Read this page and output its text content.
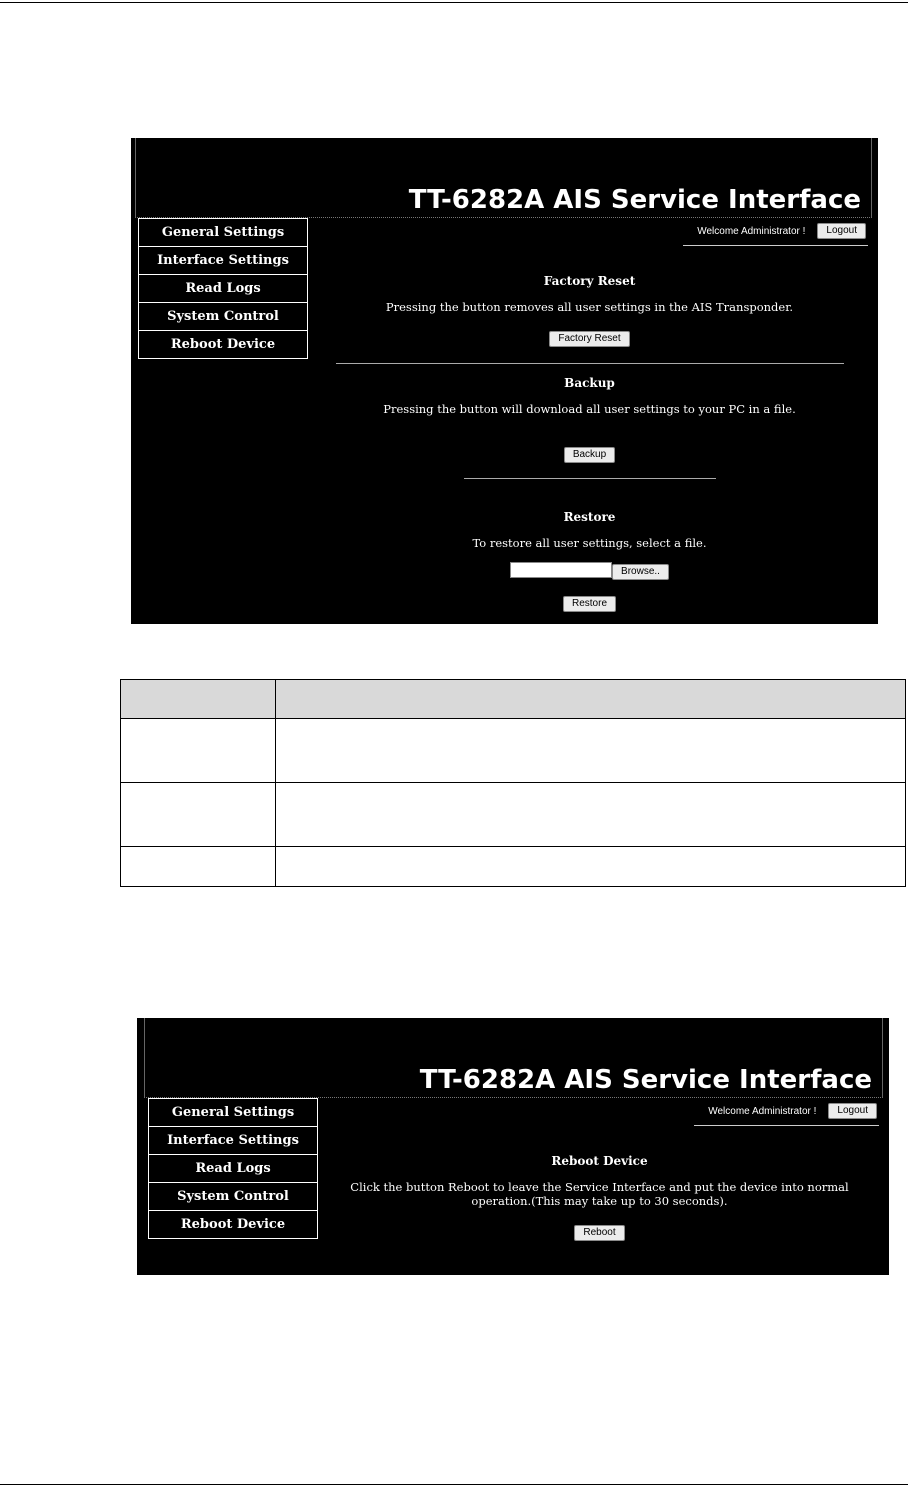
TT-6282A AIS Service Interface
General Settings
Interface Settings
Read Logs
System Control
Reboot Device
Welcome Administrator !	Logout
Factory Reset
Pressing the button removes all user settings in the AIS Transponder.
Factory Reset
Backup
Pressing the button will download all user settings to your PC in a file.
Backup
Restore
To restore all user settings, select a file.
Browse..
Restore

TT-6282A AIS Service Interface
General Settings
Interface Settings
Read Logs
System Control
Reboot Device
Welcome Administrator !	Logout
Reboot Device
Click the button Reboot to leave the Service Interface and put the device into normal
operation.(This may take up to 30 seconds).
Reboot
